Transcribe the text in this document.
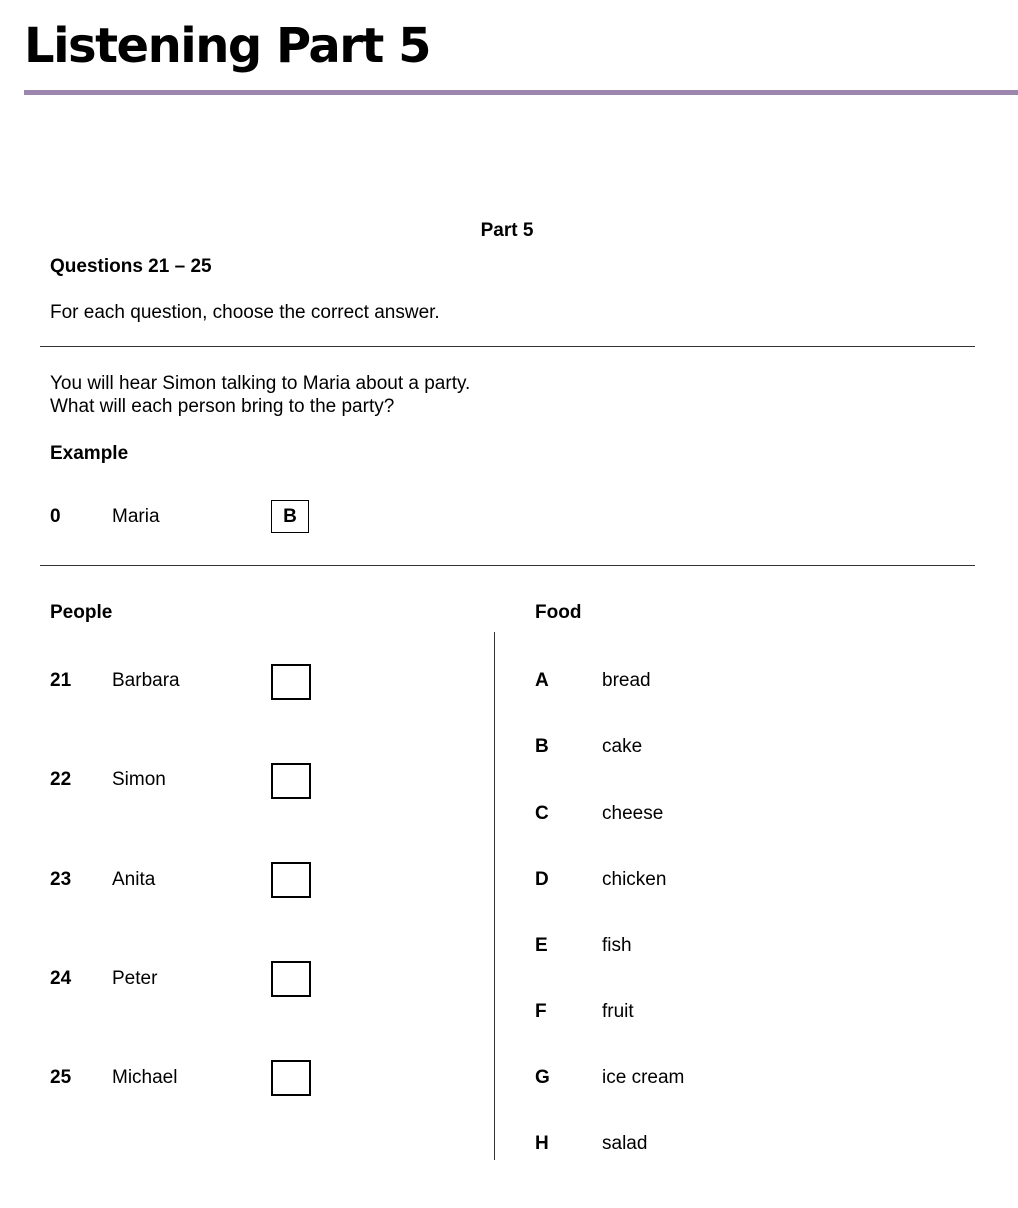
Listening Part 5
Part 5
Questions 21 – 25
For each question, choose the correct answer.
You will hear Simon talking to Maria about a party.
What will each person bring to the party?
Example
0	Maria	B
People	Food
21 Barbara
22 Simon
23 Anita
24 Peter
25 Michael
A	bread
B	cake
C	cheese
D	chicken
E	fish
F	fruit
G	ice cream
H	salad
